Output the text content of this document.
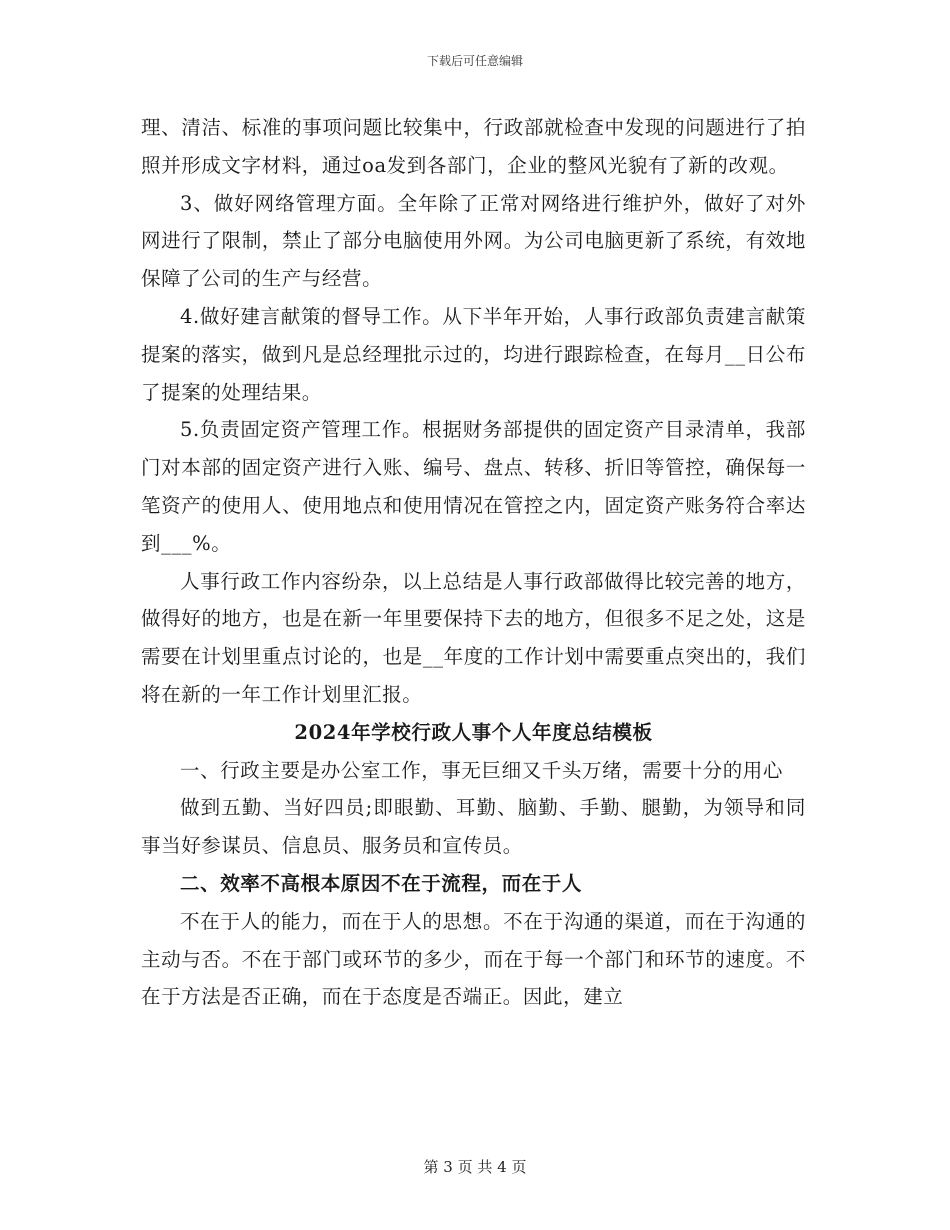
下载后可任意编辑

理、清洁、标准的事项问题比较集中，行政部就检查中发现的问题进行了拍照并形成文字材料，通过oa发到各部门，企业的整风光貌有了新的改观。

3、做好网络管理方面。全年除了正常对网络进行维护外，做好了对外网进行了限制，禁止了部分电脑使用外网。为公司电脑更新了系统，有效地保障了公司的生产与经营。

4.做好建言献策的督导工作。从下半年开始，人事行政部负责建言献策提案的落实，做到凡是总经理批示过的，均进行跟踪检查，在每月__日公布了提案的处理结果。

5.负责固定资产管理工作。根据财务部提供的固定资产目录清单，我部门对本部的固定资产进行入账、编号、盘点、转移、折旧等管控，确保每一笔资产的使用人、使用地点和使用情况在管控之内，固定资产账务符合率达到___%。

人事行政工作内容纷杂，以上总结是人事行政部做得比较完善的地方，做得好的地方，也是在新一年里要保持下去的地方，但很多不足之处，这是需要在计划里重点讨论的，也是__年度的工作计划中需要重点突出的，我们将在新的一年工作计划里汇报。

2024年学校行政人事个人年度总结模板

一、行政主要是办公室工作，事无巨细又千头万绪，需要十分的用心

做到五勤、当好四员;即眼勤、耳勤、脑勤、手勤、腿勤，为领导和同事当好参谋员、信息员、服务员和宣传员。

二、效率不高根本原因不在于流程，而在于人

不在于人的能力，而在于人的思想。不在于沟通的渠道，而在于沟通的主动与否。不在于部门或环节的多少，而在于每一个部门和环节的速度。不在于方法是否正确，而在于态度是否端正。因此，建立

第 3 页 共 4 页
